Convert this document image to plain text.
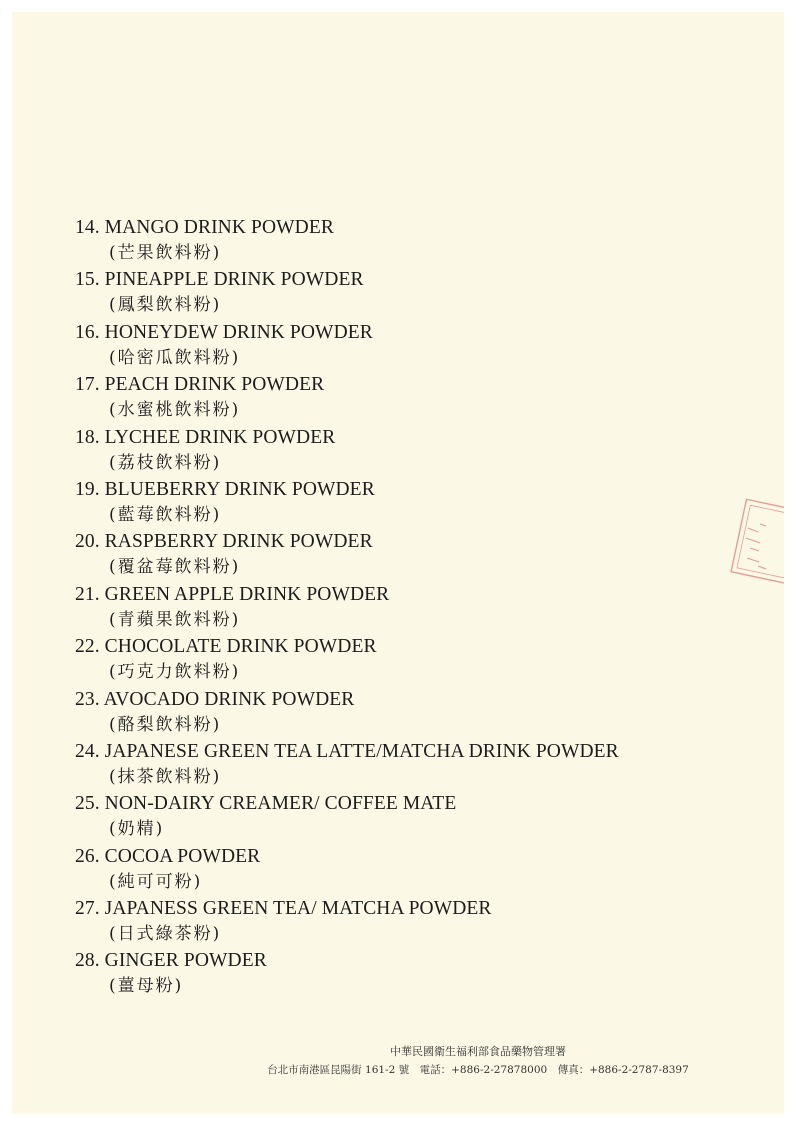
14. MANGO DRINK POWDER
(芒果飲料粉)
15. PINEAPPLE DRINK POWDER
(鳳梨飲料粉)
16. HONEYDEW DRINK POWDER
(哈密瓜飲料粉)
17. PEACH DRINK POWDER
(水蜜桃飲料粉)
18. LYCHEE DRINK POWDER
(荔枝飲料粉)
19. BLUEBERRY DRINK POWDER
(藍莓飲料粉)
20. RASPBERRY DRINK POWDER
(覆盆莓飲料粉)
21. GREEN APPLE DRINK POWDER
(青蘋果飲料粉)
22. CHOCOLATE DRINK POWDER
(巧克力飲料粉)
23. AVOCADO DRINK POWDER
(酪梨飲料粉)
24. JAPANESE GREEN TEA LATTE/MATCHA DRINK POWDER
(抹茶飲料粉)
25. NON-DAIRY CREAMER/ COFFEE MATE
(奶精)
26. COCOA POWDER
(純可可粉)
27. JAPANESS GREEN TEA/ MATCHA POWDER
(日式綠茶粉)
28. GINGER POWDER
(薑母粉)
中華民國衛生福利部食品藥物管理署
台北市南港區昆陽街 161-2 號　電話：+886-2-27878000　傳真：+886-2-2787-8397
